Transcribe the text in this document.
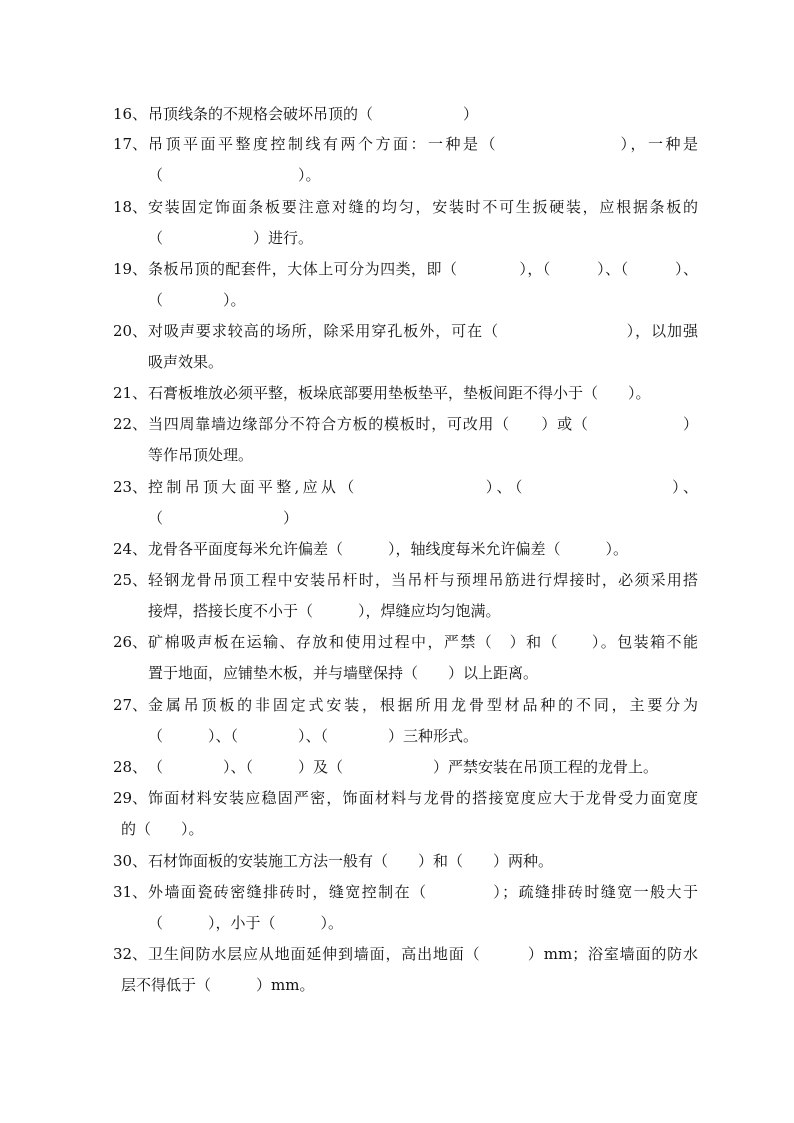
16、 吊顶线条的不规格会破坏吊顶的（　　　　　　）
17、 吊顶平面平整度控制线有两个方面：一种是（　　　　　　　），一种是
（　　　　　　　　　）。
18、 安装固定饰面条板要注意对缝的均匀，安装时不可生扳硬装，应根据条板的
（　　　　　　）进行。
19、 条板吊顶的配套件，大体上可分为四类，即（　　　　），（　　　）、（　　　）、
（　　　　）。
20、 对吸声要求较高的场所，除采用穿孔板外，可在（　　　　　　　　），以加强
吸声效果。
21、 石膏板堆放必须平整，板垛底部要用垫板垫平，垫板间距不得小于（　　）。
22、 当四周靠墙边缘部分不符合方板的模板时，可改用（　　）或（　　　　　　）
等作吊顶处理。
23、 控制吊顶大面平整,应从（　　　　　　　）、（　　　　　　　　）、
（　　　　　　　　）
24、 龙骨各平面度每米允许偏差（　　　），轴线度每米允许偏差（　　　）。
25、 轻钢龙骨吊顶工程中安装吊杆时，当吊杆与预埋吊筋进行焊接时，必须采用搭
接焊，搭接长度不小于（　　　），焊缝应均匀饱满。
26、 矿棉吸声板在运输、存放和使用过程中，严禁（　）和（　　）。包装箱不能
置于地面，应铺垫木板，并与墙壁保持（　　）以上距离。
27、 金属吊顶板的非固定式安装，根据所用龙骨型材品种的不同，主要分为
（　　　）、（　　　　）、（　　　　）三种形式。
28、 （　　　　）、（　　　）及（　　　　　　）严禁安装在吊顶工程的龙骨上。
29、 饰面材料安装应稳固严密，饰面材料与龙骨的搭接宽度应大于龙骨受力面宽度
的（　　）。
30、 石材饰面板的安装施工方法一般有（　　）和（　　）两种。
31、 外墙面瓷砖密缝排砖时，缝宽控制在（　　　　）；疏缝排砖时缝宽一般大于
（　　　），小于（　　　）。
32、 卫生间防水层应从地面延伸到墙面，高出地面（　　　）mm；浴室墙面的防水
层不得低于（　　　）mm。
